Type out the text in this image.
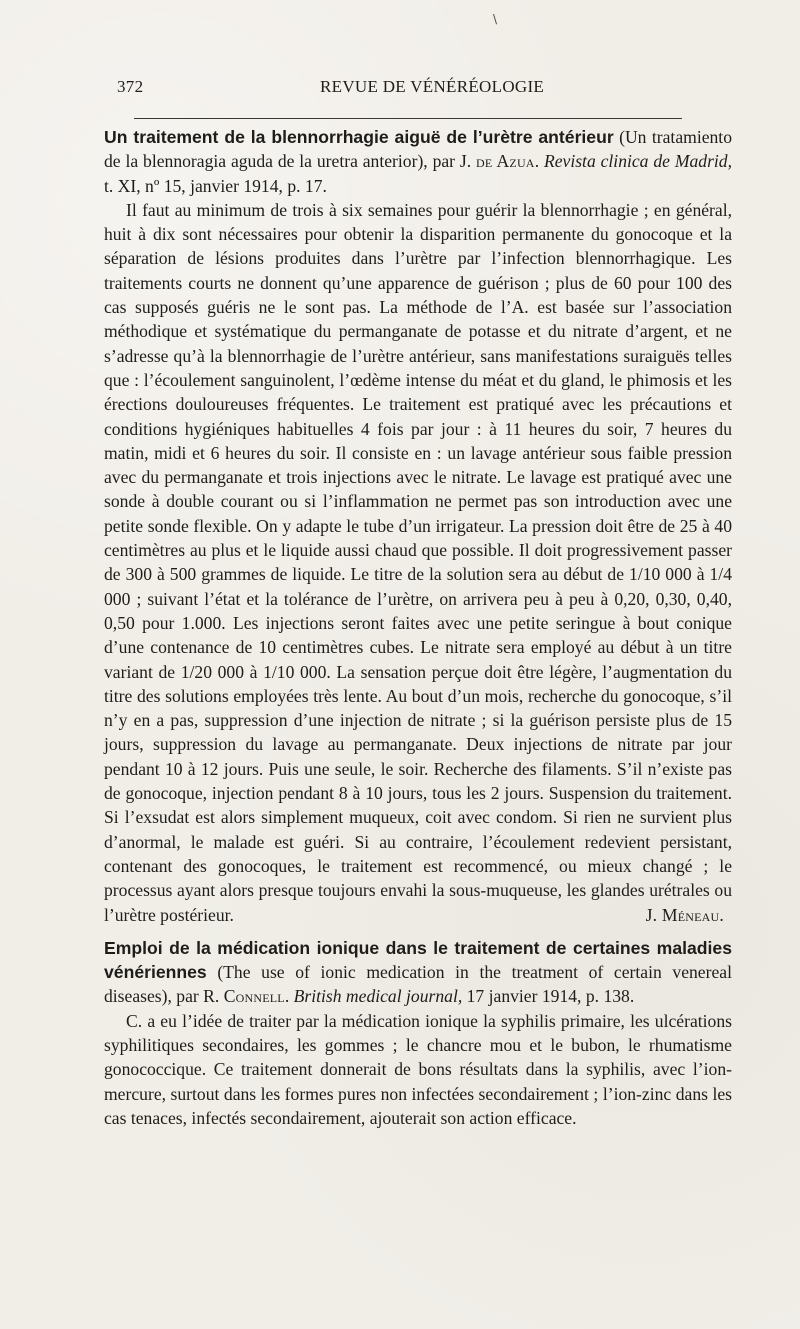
\
372	REVUE DE VÉNÉRÉOLOGIE

Un traitement de la blennorrhagie aiguë de l’urètre antérieur (Un tratamiento de la blennoragia aguda de la uretra anterior), par J. de Azua. Revista clinica de Madrid, t. XI, nº 15, janvier 1914, p. 17.

Il faut au minimum de trois à six semaines pour guérir la blennorrhagie ; en général, huit à dix sont nécessaires pour obtenir la disparition permanente du gonocoque et la séparation de lésions produites dans l’urètre par l’infection blennorrhagique. Les traitements courts ne donnent qu’une apparence de guérison ; plus de 60 pour 100 des cas supposés guéris ne le sont pas. La méthode de l’A. est basée sur l’association méthodique et systématique du permanganate de potasse et du nitrate d’argent, et ne s’adresse qu’à la blennorrhagie de l’urètre antérieur, sans manifestations suraiguës telles que : l’écoulement sanguinolent, l’œdème intense du méat et du gland, le phimosis et les érections douloureuses fréquentes. Le traitement est pratiqué avec les précautions et conditions hygiéniques habituelles 4 fois par jour : à 11 heures du soir, 7 heures du matin, midi et 6 heures du soir. Il consiste en : un lavage antérieur sous faible pression avec du permanganate et trois injections avec le nitrate. Le lavage est pratiqué avec une sonde à double courant ou si l’inflammation ne permet pas son introduction avec une petite sonde flexible. On y adapte le tube d’un irrigateur. La pression doit être de 25 à 40 centimètres au plus et le liquide aussi chaud que possible. Il doit progressivement passer de 300 à 500 grammes de liquide. Le titre de la solution sera au début de 1/10 000 à 1/4 000 ; suivant l’état et la tolérance de l’urètre, on arrivera peu à peu à 0,20, 0,30, 0,40, 0,50 pour 1.000. Les injections seront faites avec une petite seringue à bout conique d’une contenance de 10 centimètres cubes. Le nitrate sera employé au début à un titre variant de 1/20 000 à 1/10 000. La sensation perçue doit être légère, l’augmentation du titre des solutions employées très lente. Au bout d’un mois, recherche du gonocoque, s’il n’y en a pas, suppression d’une injection de nitrate ; si la guérison persiste plus de 15 jours, suppression du lavage au permanganate. Deux injections de nitrate par jour pendant 10 à 12 jours. Puis une seule, le soir. Recherche des filaments. S’il n’existe pas de gonocoque, injection pendant 8 à 10 jours, tous les 2 jours. Suspension du traitement. Si l’exsudat est alors simplement muqueux, coit avec condom. Si rien ne survient plus d’anormal, le malade est guéri. Si au contraire, l’écoulement redevient persistant, contenant des gonocoques, le traitement est recommencé, ou mieux changé ; le processus ayant alors presque toujours envahi la sous-muqueuse, les glandes urétrales ou l’urètre postérieur.	J. Méneau.

Emploi de la médication ionique dans le traitement de certaines maladies vénériennes (The use of ionic medication in the treatment of certain venereal diseases), par R. Connell. British medical journal, 17 janvier 1914, p. 138.

C. a eu l’idée de traiter par la médication ionique la syphilis primaire, les ulcérations syphilitiques secondaires, les gommes ; le chancre mou et le bubon, le rhumatisme gonococcique. Ce traitement donnerait de bons résultats dans la syphilis, avec l’ion-mercure, surtout dans les formes pures non infectées secondairement ; l’ion-zinc dans les cas tenaces, infectés secondairement, ajouterait son action efficace.
